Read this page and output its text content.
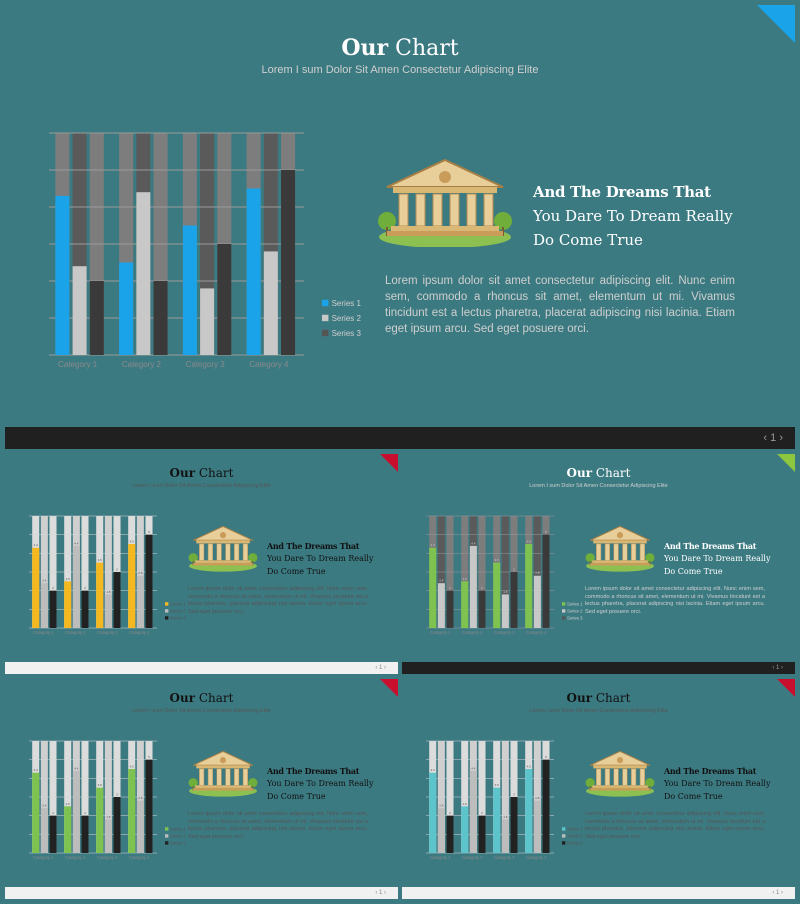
Our Chart
Lorem I sum Dolor Sit Amen Consectetur Adipiscing Elite
Category 1	Category 2	Category 3	Category 4
Series 1
Series 2
Series 3
And The Dreams That
You Dare To Dream Really
Do Come True
Lorem ipsum dolor sit amet consectetur adipiscing elit. Nunc enim sem, commodo a rhoncus sit amet, elementum ut mi. Vivamus tincidunt est a lectus pharetra, placerat adipiscing nisi lacinia. Etiam eget ipsum arcu. Sed eget posuere orci.
‹ 1 ›
Our Chart
Lorem I sum Dolor Sit Amen Consectetur Adipiscing Elite
4.3
2.4
2
Category 1
2.5
4.4
2
Category 2
3.5
1.8
3
Category 3
4.5
2.8
5
Category 4
Series 1
Series 2
Series 3
And The Dreams That
You Dare To Dream Really
Do Come True
Lorem ipsum dolor sit amet consectetur adipiscing elit. Nunc enim sem, commodo a rhoncus sit amet, elementum ut mi. Vivamus tincidunt est a lectus pharetra, placerat adipiscing nisi lacinia. Etiam eget ipsum arcu. Sed eget posuere orci.
‹ 1 ›
Our Chart
Lorem I sum Dolor Sit Amen Consectetur Adipiscing Elite
4.3
2.4
2
Category 1
2.5
4.4
2
Category 2
3.5
1.8
3
Category 3
4.5
2.8
5
Category 4
Series 1
Series 2
Series 3
And The Dreams That
You Dare To Dream Really
Do Come True
Lorem ipsum dolor sit amet consectetur adipiscing elit. Nunc enim sem, commodo a rhoncus sit amet, elementum ut mi. Vivamus tincidunt est a lectus pharetra, placerat adipiscing nisi lacinia. Etiam eget ipsum arcu. Sed eget posuere orci.
‹ 1 ›
Our Chart
Lorem I sum Dolor Sit Amen Consectetur Adipiscing Elite
4.3
2.4
2
Category 1
2.5
4.4
2
Category 2
3.5
1.8
3
Category 3
4.5
2.8
5
Category 4
Series 1
Series 2
Series 3
And The Dreams That
You Dare To Dream Really
Do Come True
Lorem ipsum dolor sit amet consectetur adipiscing elit. Nunc enim sem, commodo a rhoncus sit amet, elementum ut mi. Vivamus tincidunt est a lectus pharetra, placerat adipiscing nisi lacinia. Etiam eget ipsum arcu. Sed eget posuere orci.
‹ 1 ›
Our Chart
Lorem I sum Dolor Sit Amen Consectetur Adipiscing Elite
4.3
2.4
2
Category 1
2.5
4.4
2
Category 2
3.5
1.8
3
Category 3
4.5
2.8
5
Category 4
Series 1
Series 2
Series 3
And The Dreams That
You Dare To Dream Really
Do Come True
Lorem ipsum dolor sit amet consectetur adipiscing elit. Nunc enim sem, commodo a rhoncus sit amet, elementum ut mi. Vivamus tincidunt est a lectus pharetra, placerat adipiscing nisi lacinia. Etiam eget ipsum arcu. Sed eget posuere orci.
‹ 1 ›
